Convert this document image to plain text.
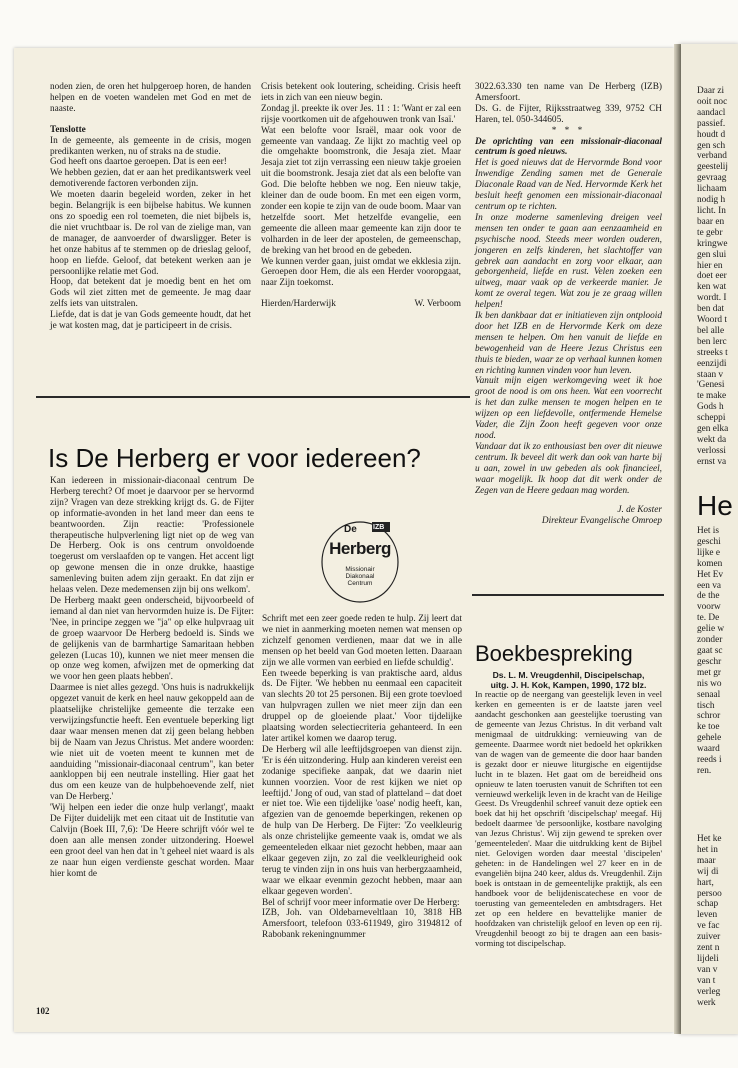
noden zien, de oren het hulpgeroep horen, de handen helpen en de voeten wandelen met God en met de naaste.

Tenslotte

In de gemeente, als gemeente in de crisis, mogen predikanten werken, nu of straks na de studie.

God heeft ons daartoe geroepen. Dat is een eer!

We hebben gezien, dat er aan het predikantswerk veel demotiverende factoren verbonden zijn.

We moeten daarin begeleid worden, zeker in het begin. Belangrijk is een bijbelse habitus. We kunnen ons zo spoedig een rol toemeten, die niet bijbels is, die niet vruchtbaar is. De rol van de zielige man, van de manager, de aanvoerder of dwarsligger. Beter is het onze habitus af te stemmen op de drieslag geloof, hoop en liefde. Geloof, dat betekent werken aan je persoonlijke relatie met God.

Hoop, dat betekent dat je moedig bent en het om Gods wil ziet zitten met de gemeente. Je mag daar zelfs iets van uitstralen.

Liefde, dat is dat je van Gods gemeente houdt, dat het je wat kosten mag, dat je participeert in de crisis.

Crisis betekent ook loutering, scheiding. Crisis heeft iets in zich van een nieuw begin.

Zondag jl. preekte ik over Jes. 11 : 1: 'Want er zal een rijsje voortkomen uit de afgehouwen tronk van Isaï.'

Wat een belofte voor Israël, maar ook voor de gemeente van vandaag. Ze lijkt zo machtig veel op die omgehakte boomstronk, die Jesaja ziet. Maar Jesaja ziet tot zijn verrassing een nieuw takje groeien uit die boomstronk. Jesaja ziet dat als een belofte van God. Die belofte hebben we nog. Een nieuw takje, kleiner dan de oude boom. En met een eigen vorm, zonder een kopie te zijn van de oude boom. Maar van hetzelfde soort. Met hetzelfde evangelie, een gemeente die alleen maar gemeente kan zijn door te volharden in de leer der apostelen, de gemeenschap, de breking van het brood en de gebeden.

We kunnen verder gaan, juist omdat we ekklesia zijn. Geroepen door Hem, die als een Herder vooropgaat, naar Zijn toekomst.

Hierden/Harderwijk	W. Verboom

3022.63.330 ten name van De Herberg (IZB) Amersfoort.

Ds. G. de Fijter, Rijksstraatweg 339, 9752 CH Haren, tel. 050-344605.

* * *

De oprichting van een missionair-diaconaal centrum is goed nieuws.

Het is goed nieuws dat de Hervormde Bond voor Inwendige Zending samen met de Generale Diaconale Raad van de Ned. Hervormde Kerk het besluit heeft genomen een missionair-diaconaal centrum op te richten.

In onze moderne samenleving dreigen veel mensen ten onder te gaan aan eenzaamheid en psychische nood. Steeds meer worden ouderen, jongeren en zelfs kinderen, het slachtoffer van gebrek aan aandacht en zorg voor elkaar, aan geborgenheid, liefde en rust. Velen zoeken een uitweg, maar vaak op de verkeerde manier. Je komt ze overal tegen. Wat zou je ze graag willen helpen!

Ik ben dankbaar dat er initiatieven zijn ontplooid door het IZB en de Hervormde Kerk om deze mensen te helpen. Om hen vanuit de liefde en bewogenheid van de Heere Jezus Christus een thuis te bieden, waar ze op verhaal kunnen komen en richting kunnen vinden voor hun leven.

Vanuit mijn eigen werkomgeving weet ik hoe groot de nood is om ons heen. Wat een voorrecht is het dan zulke mensen te mogen helpen en te wijzen op een liefdevolle, ontfermende Hemelse Vader, die Zijn Zoon heeft gegeven voor onze nood.

Vandaar dat ik zo enthousiast ben over dit nieuwe centrum. Ik beveel dit werk dan ook van harte bij u aan, zowel in uw gebeden als ook financieel, waar mogelijk. Ik hoop dat dit werk onder de Zegen van de Heere gedaan mag worden.

J. de Koster

Direkteur Evangelische Omroep

Is De Herberg er voor iedereen?

Kan iedereen in missionair-diaconaal centrum De Herberg terecht? Of moet je daarvoor per se hervormd zijn? Vragen van deze strekking krijgt ds. G. de Fijter op informatie-avonden in het land meer dan eens te beantwoorden. Zijn reactie: 'Professionele therapeutische hulpverlening ligt niet op de weg van De Herberg. Ook is ons centrum onvoldoende toegerust om verslaafden op te vangen. Het accent ligt op gewone mensen die in onze drukke, haastige samenleving buiten adem zijn geraakt. En dat zijn er helaas velen. Deze medemensen zijn bij ons welkom'.

De Herberg maakt geen onderscheid, bijvoorbeeld of iemand al dan niet van hervormden huize is. De Fijter: 'Nee, in principe zeggen we "ja" op elke hulpvraag uit de groep waarvoor De Herberg bedoeld is. Sinds we de gelijkenis van de barmhartige Samaritaan hebben gelezen (Lucas 10), kunnen we niet meer mensen die op onze weg komen, afwijzen met de opmerking dat we voor hen geen plaats hebben'.

Daarmee is niet alles gezegd. 'Ons huis is nadrukkelijk opgezet vanuit de kerk en heel nauw gekoppeld aan de plaatselijke christelijke gemeente die terzake een verwijzingsfunctie heeft. Een eventuele beperking ligt daar waar mensen menen dat zij geen belang hebben bij de Naam van Jezus Christus. Met andere woorden: wie niet uit de voeten meent te kunnen met de aanduiding "missionair-diaconaal centrum", kan beter aankloppen bij een neutrale instelling. Hier gaat het dus om een keuze van de hulpbehoevende zelf, niet van De Herberg.'

'Wij helpen een ieder die onze hulp verlangt', maakt De Fijter duidelijk met een citaat uit de Institutie van Calvijn (Boek III, 7,6): 'De Heere schrijft vóór wel te doen aan alle mensen zonder uitzondering. Hoewel een groot deel van hen dat in 't geheel niet waard is als ze naar hun eigen verdienste geschat worden. Maar hier komt de

De	IZB
Herberg
Missionair
Diakonaal
Centrum

Schrift met een zeer goede reden te hulp. Zij leert dat we niet in aanmerking moeten nemen wat mensen op zichzelf genomen verdienen, maar dat we in alle mensen op het beeld van God moeten letten. Daaraan zijn we alle vormen van eerbied en liefde schuldig'.

Een tweede beperking is van praktische aard, aldus ds. De Fijter. 'We hebben nu eenmaal een capaciteit van slechts 20 tot 25 personen. Bij een grote toevloed van hulpvragen zullen we niet meer zijn dan een druppel op de gloeiende plaat.' Voor tijdelijke plaatsing worden selectiecriteria gehanteerd. In een later artikel komen we daarop terug.

De Herberg wil alle leeftijdsgroepen van dienst zijn. 'Er is één uitzondering. Hulp aan kinderen vereist een zodanige specifieke aanpak, dat we daarin niet kunnen voorzien. Voor de rest kijken we niet op leeftijd.' Jong of oud, van stad of platteland – dat doet er niet toe. Wie een tijdelijke 'oase' nodig heeft, kan, afgezien van de genoemde beperkingen, rekenen op de hulp van De Herberg. De Fijter: 'Zo veelkleurig als onze christelijke gemeente vaak is, omdat we als gemeenteleden elkaar niet gezocht hebben, maar aan elkaar gegeven zijn, zo zal die veelkleurigheid ook terug te vinden zijn in ons huis van herbergzaamheid, waar we elkaar evenmin gezocht hebben, maar aan elkaar gegeven worden'.

Bel of schrijf voor meer informatie over De Herberg:

IZB, Joh. van Oldebarneveltlaan 10, 3818 HB Amersfoort, telefoon 033-611949, giro 3194812 of Rabobank rekeningnummer

Boekbespreking

Ds. L. M. Vreugdenhil, Discipelschap,

uitg. J. H. Kok, Kampen, 1990, 172 blz.

In reactie op de neergang van geestelijk leven in veel kerken en gemeenten is er de laatste jaren veel aandacht geschonken aan geestelijke toerusting van de gemeente van Jezus Christus. In dit verband valt menigmaal de uitdrukking: vernieuwing van de gemeente. Daarmee wordt niet bedoeld het opkrikken van de wagen van de gemeente die door haar banden is gezakt door er nieuwe liturgische en eigentijdse lucht in te blazen. Het gaat om de bereidheid ons opnieuw te laten toerusten vanuit de Schriften tot een vernieuwd werkelijk leven in de kracht van de Heilige Geest. Ds Vreugdenhil schreef vanuit deze optiek een boek dat hij het opschrift 'discipelschap' meegaf. Hij bedoelt daarmee 'de persoonlijke, kostbare navolging van Jezus Christus'. Wij zijn gewend te spreken over 'gemeenteleden'. Maar die uitdrukking kent de Bijbel niet. Gelovigen worden daar meestal 'discipelen' geheten: in de Handelingen wel 27 keer en in de evangeliën bijna 240 keer, aldus ds. Vreugdenhil. Zijn boek is ontstaan in de gemeentelijke praktijk, als een handboek voor de belijdeniscatechese en voor de toerusting van gemeenteleden en ambtsdragers. Het zet op een heldere en bevattelijke manier de hoofdzaken van christelijk geloof en leven op een rij. Vreugdenhil beoogt zo bij te dragen aan een basis-vorming tot discipelschap.

102
Daar zi
ooit noc
aandacl
passief.
houdt d
gen sch
verband
geestelij
gevraag
lichaam
nodig h
licht. In
baar en
te gebr
kringwe
gen slui
hier en
doet eer
ken wat
wordt. I
ben dat
Woord t
bel alle
ben lerc
streeks t
eenzijdi
staan v
'Genesi
te make
Gods h
scheppi
gen elka
wekt da
verlossi
ernst va
He
Het is
geschi
lijke e
komen
Het Ev
een va
de the
voorw
te. De
gelie w
zonder
gaat sc
geschr
met gr
nis wo
senaal
tisch
schror
ke toe
gehele
waard
reeds i
ren.
Het ke
het in
maar
wij di
hart,
persoo
schap
leven
ve fac
zuiver
zent n
lijdeli
van v
van t
verleg
werk
